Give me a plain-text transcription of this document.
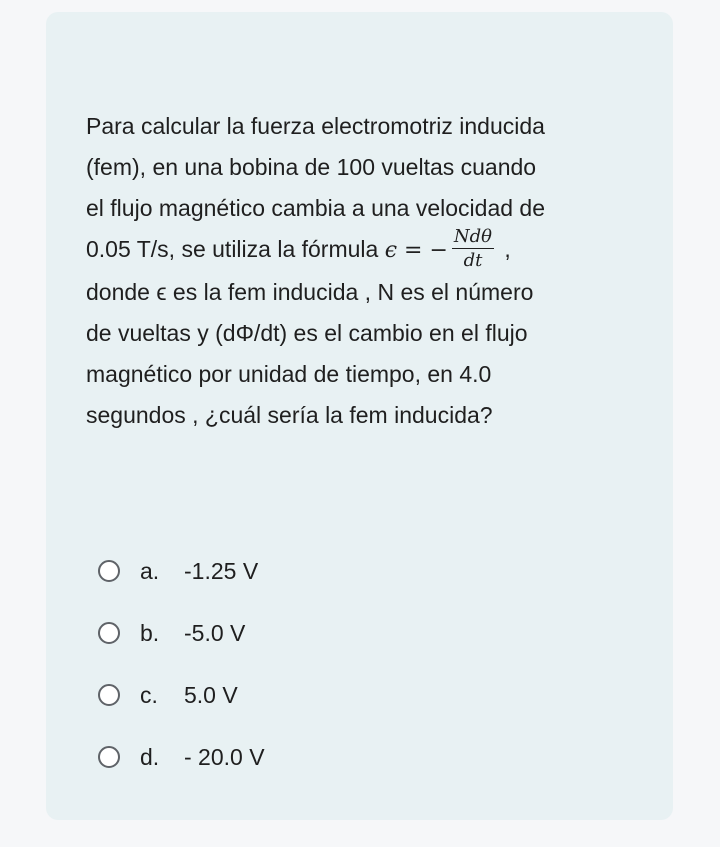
Para calcular la fuerza electromotriz inducida
(fem), en una bobina de 100 vueltas cuando
el flujo magnético cambia a una velocidad de
0.05 T/s, se utiliza la fórmula ϵ = − $\frac{\text{Ndθ}}{dt}$ ,
donde ϵ es la fem inducida , N es el número
de vueltas y (dΦ/dt) es el cambio en el flujo
magnético por unidad de tiempo, en 4.0
segundos , ¿cuál sería la fem inducida?
a.	-1.25 V
b.	-5.0 V
c.	5.0 V
d.	- 20.0 V
